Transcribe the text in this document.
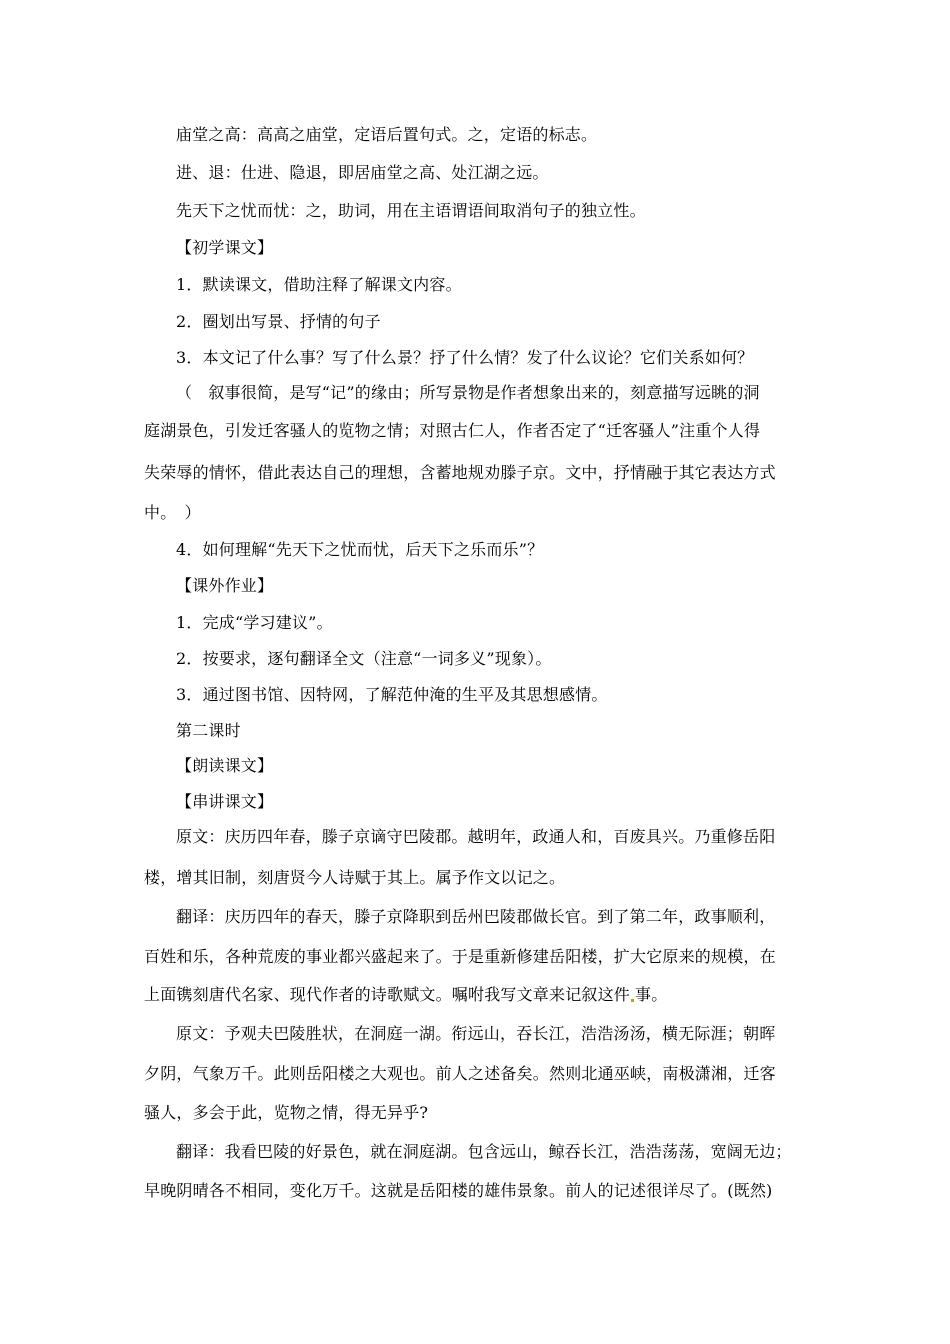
庙堂之高：高高之庙堂，定语后置句式。之，定语的标志。
进、退：仕进、隐退，即居庙堂之高、处江湖之远。
先天下之忧而忧：之，助词，用在主语谓语间取消句子的独立性。
【初学课文】
1．默读课文，借助注释了解课文内容。
2．圈划出写景、抒情的句子
3．本文记了什么事？写了什么景？抒了什么情？发了什么议论？它们关系如何？
（　叙事很简，是写“记”的缘由；所写景物是作者想象出来的，刻意描写远眺的洞
庭湖景色，引发迁客骚人的览物之情；对照古仁人，作者否定了“迁客骚人”注重个人得
失荣辱的情怀，借此表达自己的理想，含蓄地规劝滕子京。文中，抒情融于其它表达方式
中。　）
4．如何理解“先天下之忧而忧，后天下之乐而乐”？
【课外作业】
1．完成“学习建议”。
2．按要求，逐句翻译全文（注意“一词多义”现象）。
3．通过图书馆、因特网，了解范仲淹的生平及其思想感情。
第二课时
【朗读课文】
【串讲课文】
原文：庆历四年春，滕子京谪守巴陵郡。越明年，政通人和，百废具兴。乃重修岳阳
楼，增其旧制，刻唐贤今人诗赋于其上。属予作文以记之。
翻译：庆历四年的春天，滕子京降职到岳州巴陵郡做长官。到了第二年，政事顺利，
百姓和乐，各种荒废的事业都兴盛起来了。于是重新修建岳阳楼，扩大它原来的规模，在
上面镌刻唐代名家、现代作者的诗歌赋文。嘱咐我写文章来记叙这件 事。
原文：予观夫巴陵胜状，在洞庭一湖。衔远山，吞长江，浩浩汤汤，横无际涯；朝晖
夕阴，气象万千。此则岳阳楼之大观也。前人之述备矣。然则北通巫峡，南极潇湘，迁客
骚人，多会于此，览物之情，得无异乎?
翻译：我看巴陵的好景色，就在洞庭湖。包含远山，鲸吞长江，浩浩荡荡，宽阔无边；
早晚阴晴各不相同，变化万千。这就是岳阳楼的雄伟景象。前人的记述很详尽了。(既然)
